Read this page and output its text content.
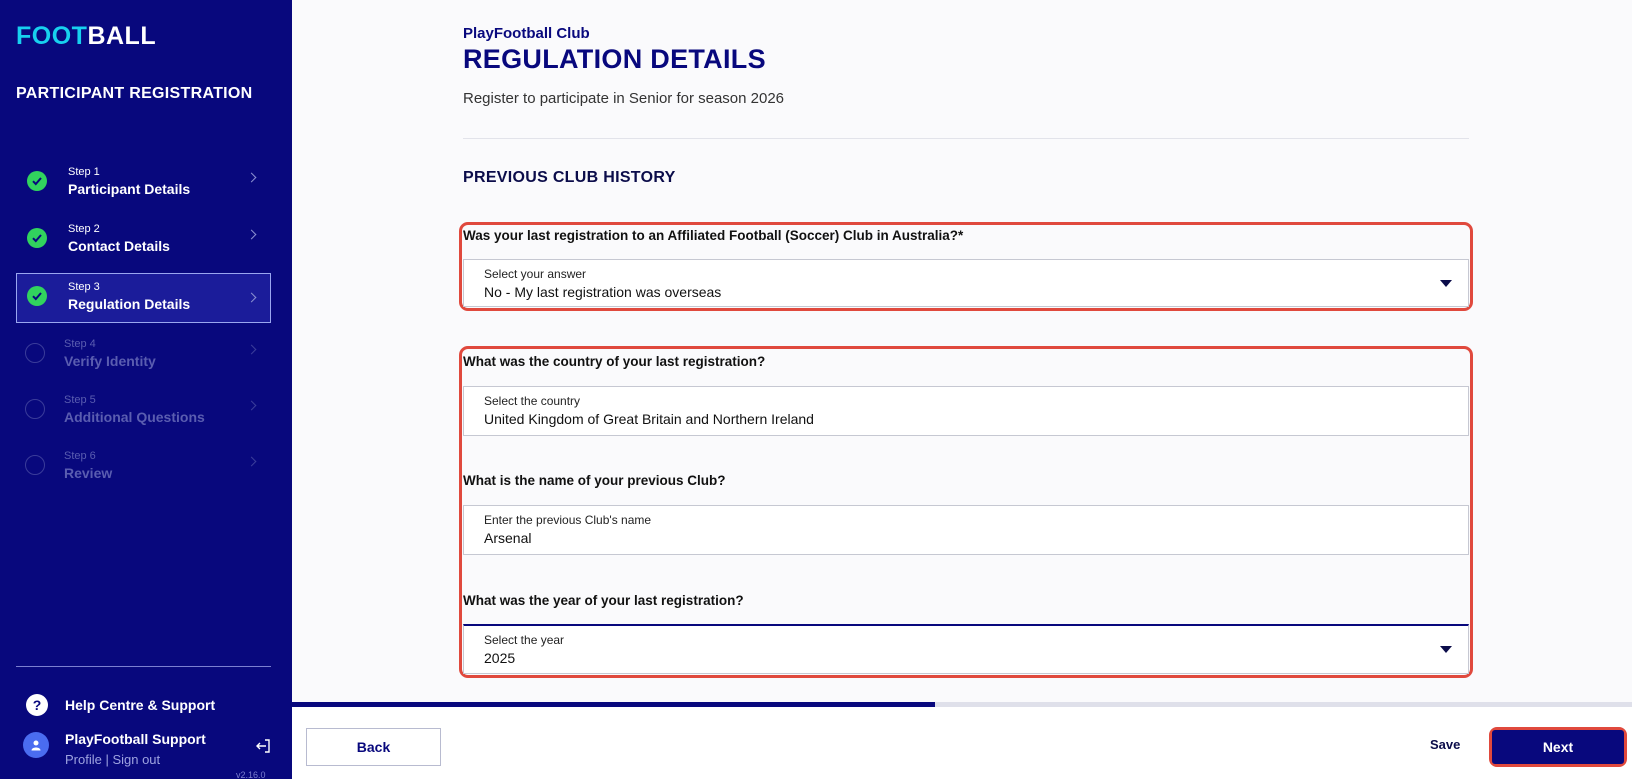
FOOTBALL
PARTICIPANT REGISTRATION
Step 1
Participant Details
Step 2
Contact Details
Step 3
Regulation Details
Step 4
Verify Identity
Step 5
Additional Questions
Step 6
Review
?	Help Centre & Support
PlayFootball Support
Profile | Sign out
v2.16.0
PlayFootball Club
REGULATION DETAILS
Register to participate in Senior for season 2026
PREVIOUS CLUB HISTORY
Was your last registration to an Affiliated Football (Soccer) Club in Australia?*
Select your answer
No - My last registration was overseas
What was the country of your last registration?
Select the country
United Kingdom of Great Britain and Northern Ireland
What is the name of your previous Club?
Enter the previous Club's name
Arsenal
What was the year of your last registration?
Select the year
2025
Back	Save	Next
